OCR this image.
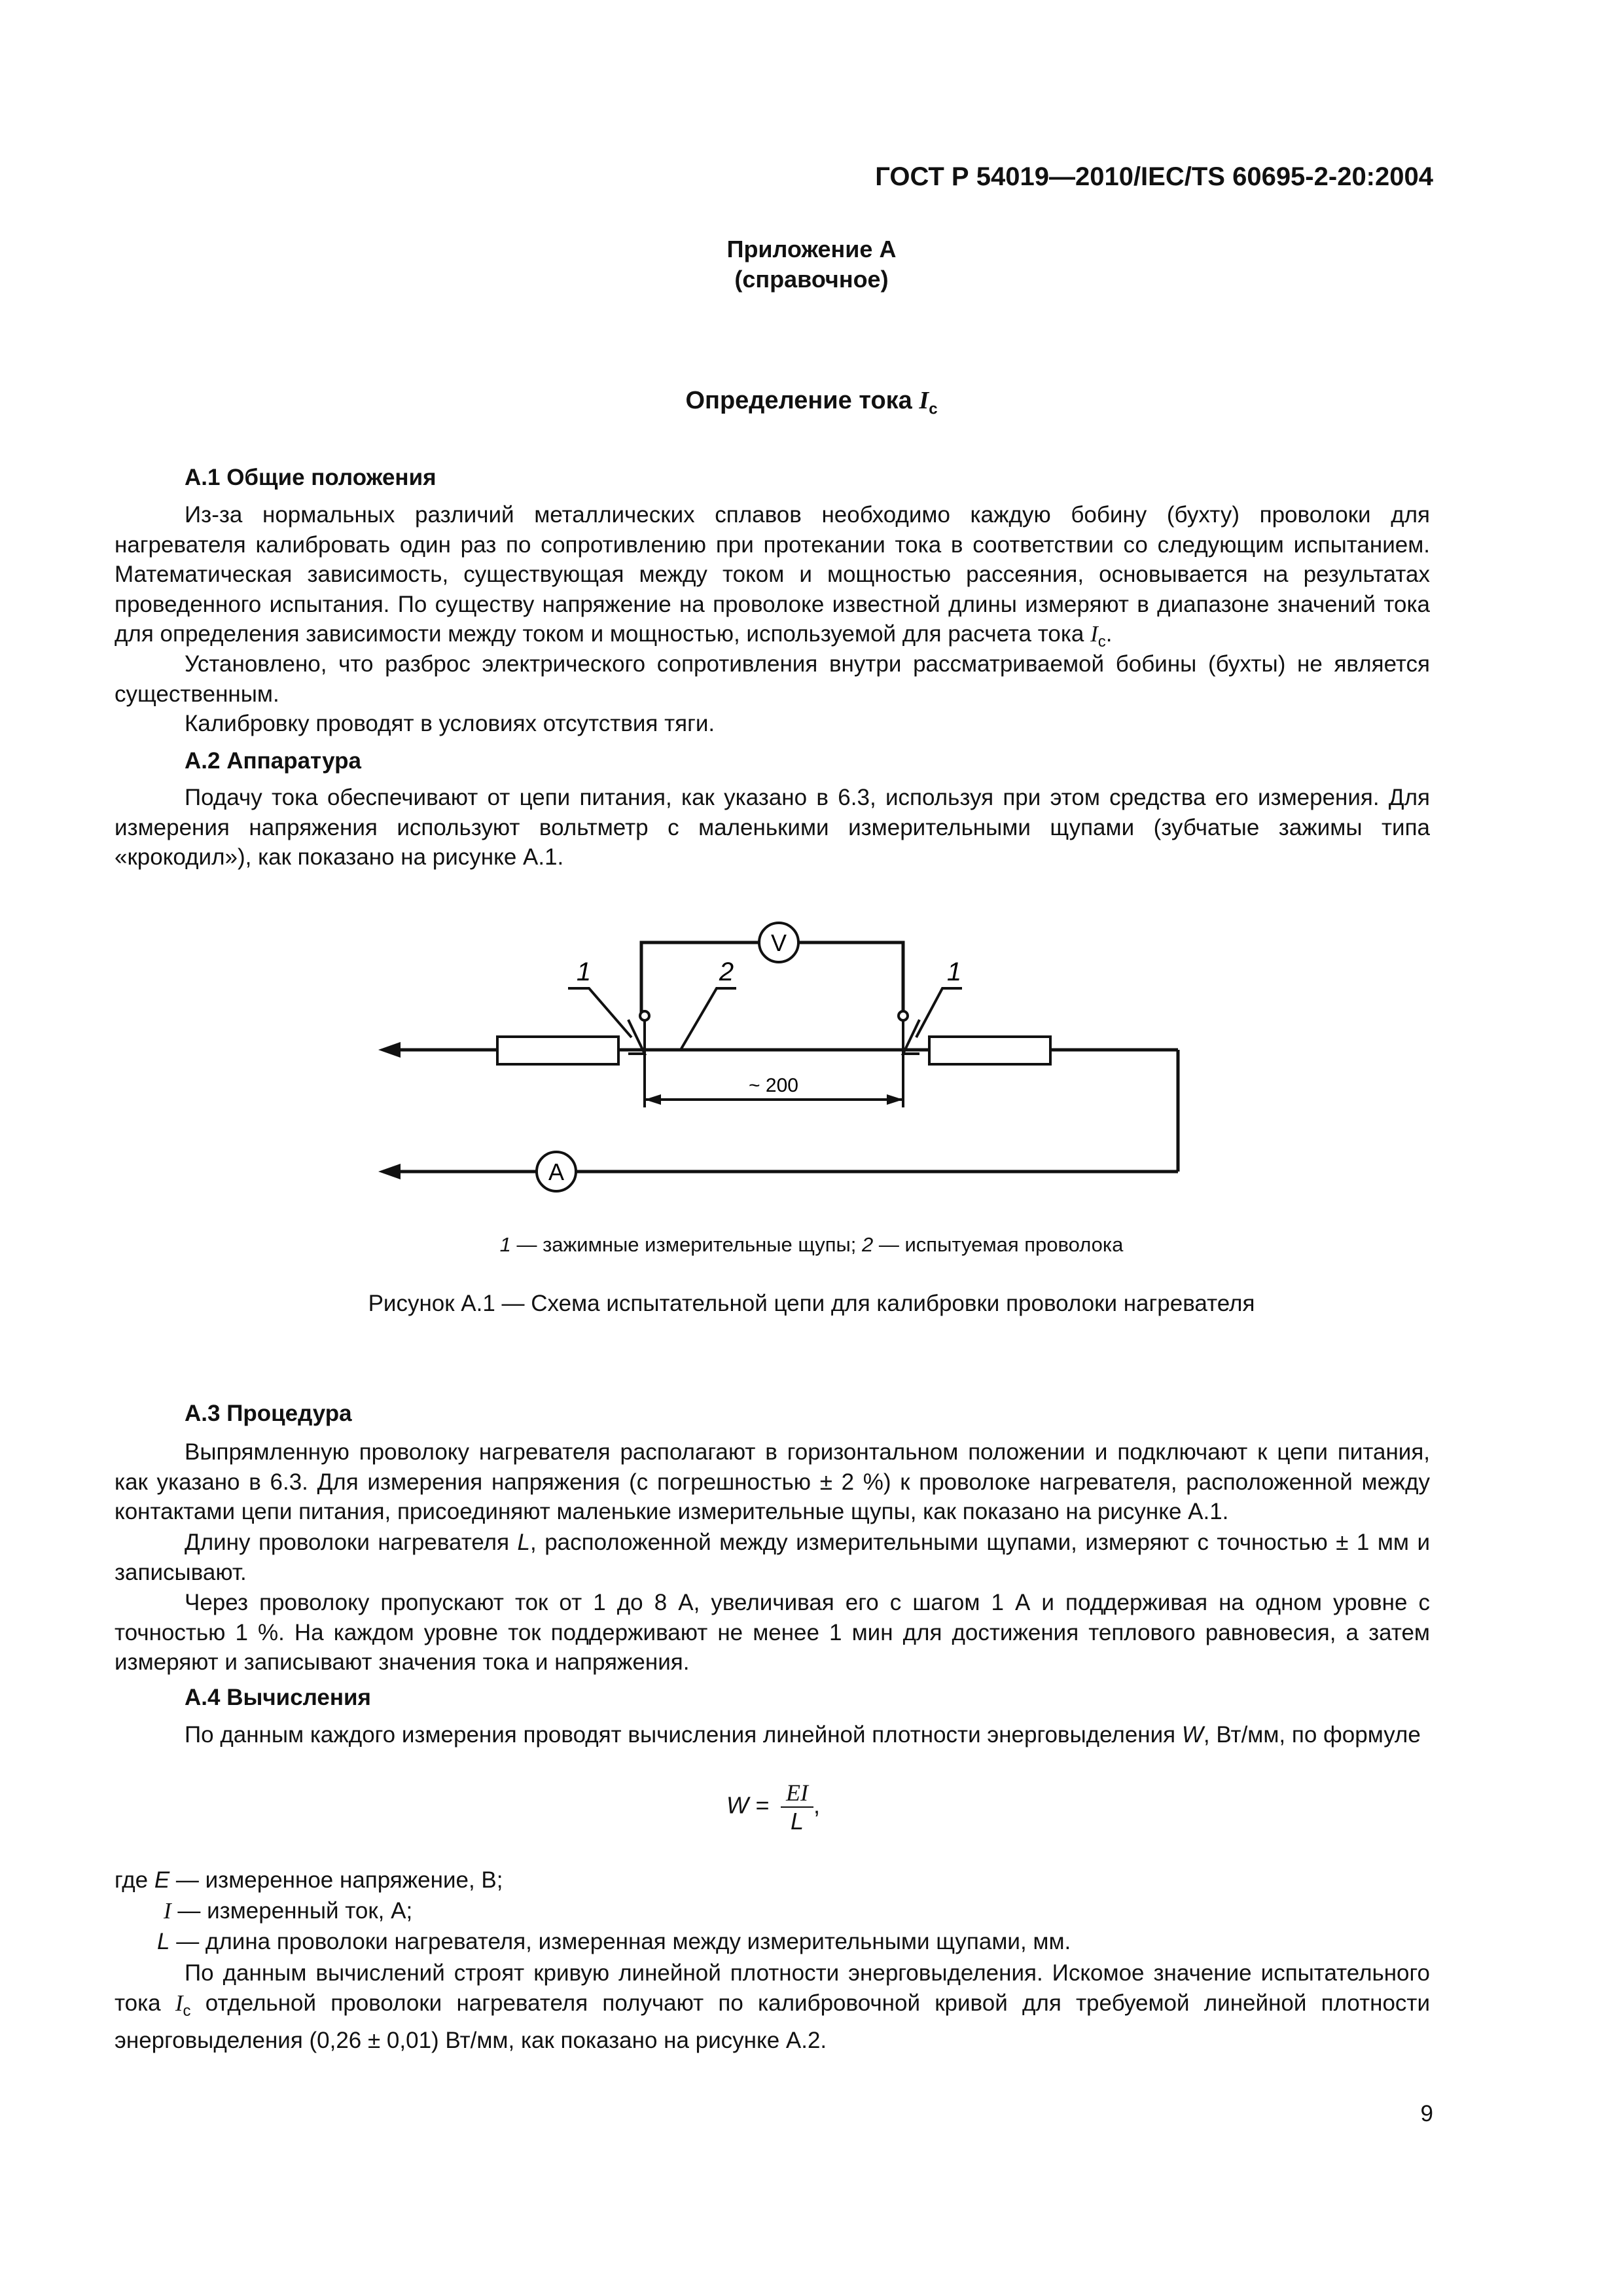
ГОСТ Р 54019—2010/IEC/TS 60695-2-20:2004
Приложение А
(справочное)
Определение тока $I_c$
А.1 Общие положения

Из-за нормальных различий металлических сплавов необходимо каждую бобину (бухту) проволоки для нагревателя калибровать один раз по сопротивлению при протекании тока в соответствии со следующим испытанием. Математическая зависимость, существующая между током и мощностью рассеяния, основывается на результатах проведенного испытания. По существу напряжение на проволоке известной длины измеряют в диапазоне значений тока для определения зависимости между током и мощностью, используемой для расчета тока $I_c$.

Установлено, что разброс электрического сопротивления внутри рассматриваемой бобины (бухты) не является существенным.

Калибровку проводят в условиях отсутствия тяги.

А.2 Аппаратура

Подачу тока обеспечивают от цепи питания, как указано в 6.3, используя при этом средства его измерения. Для измерения напряжения используют вольтметр с маленькими измерительными щупами (зубчатые зажимы типа «крокодил»), как показано на рисунке А.1.

V
A
~ 200
1	2	1
1 — зажимные измерительные щупы; 2 — испытуемая проволока
Рисунок А.1 — Схема испытательной цепи для калибровки проволоки нагревателя
А.3 Процедура

Выпрямленную проволоку нагревателя располагают в горизонтальном положении и подключают к цепи питания, как указано в 6.3. Для измерения напряжения (с погрешностью ± 2 %) к проволоке нагревателя, расположенной между контактами цепи питания, присоединяют маленькие измерительные щупы, как показано на рисунке А.1.

Длину проволоки нагревателя L, расположенной между измерительными щупами, измеряют с точностью ± 1 мм и записывают.

Через проволоку пропускают ток от 1 до 8 А, увеличивая его с шагом 1 А и поддерживая на одном уровне с точностью 1 %. На каждом уровне ток поддерживают не менее 1 мин для достижения теплового равновесия, а затем измеряют и записывают значения тока и напряжения.

А.4 Вычисления

По данным каждого измерения проводят вычисления линейной плотности энерговыделения W, Вт/мм, по формуле

$W = \frac{EI}{L}$ ,
где E — измеренное напряжение, В;
I — измеренный ток, А;
L — длина проволоки нагревателя, измеренная между измерительными щупами, мм.

По данным вычислений строят кривую линейной плотности энерговыделения. Искомое значение испытательного тока $I_c$ отдельной проволоки нагревателя получают по калибровочной кривой для требуемой линейной плотности энерговыделения (0,26 ± 0,01) Вт/мм, как показано на рисунке А.2.

9
